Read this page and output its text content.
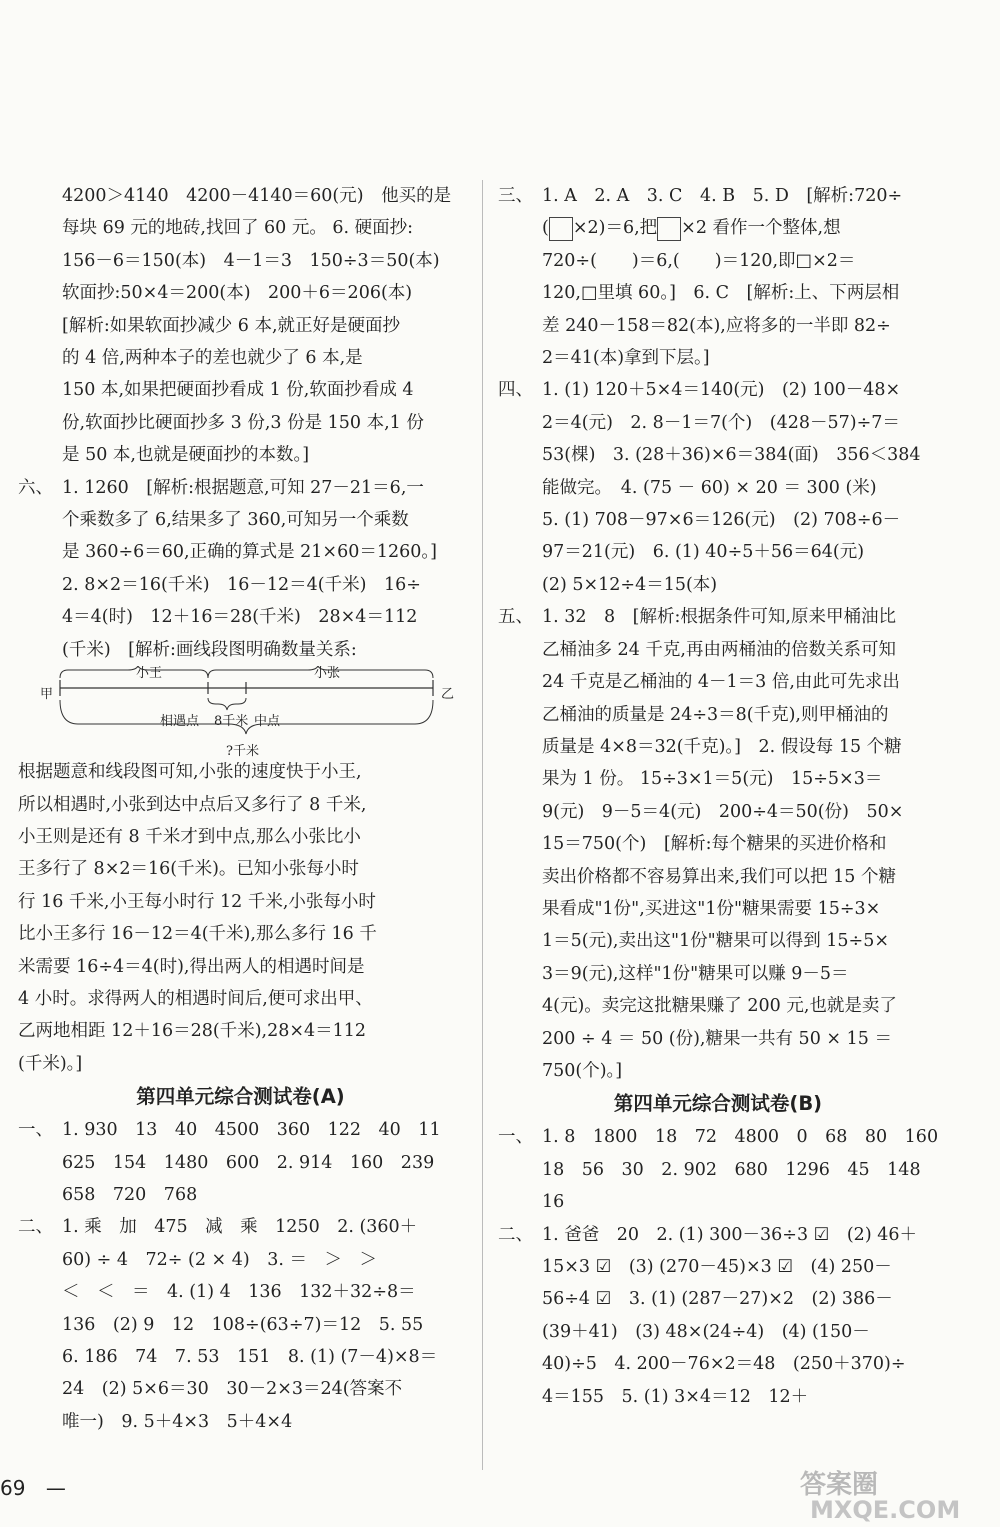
4200＞4140　4200－4140＝60(元)　他买的是
每块 69 元的地砖,找回了 60 元。 6. 硬面抄:
156－6＝150(本)　4－1＝3　150÷3＝50(本)
软面抄:50×4＝200(本)　200＋6＝206(本)
[解析:如果软面抄减少 6 本,就正好是硬面抄
的 4 倍,两种本子的差也就少了 6 本,是
150 本,如果把硬面抄看成 1 份,软面抄看成 4
份,软面抄比硬面抄多 3 份,3 份是 150 本,1 份
是 50 本,也就是硬面抄的本数。]
六、 1. 1260　[解析:根据题意,可知 27－21＝6,一
个乘数多了 6,结果多了 360,可知另一个乘数
是 360÷6＝60,正确的算式是 21×60＝1260。]
2. 8×2＝16(千米)　16－12＝4(千米)　16÷
4＝4(时)　12＋16＝28(千米)　28×4＝112
(千米)　[解析:画线段图明确数量关系:
小王	小张
甲	乙
相遇点 8千米 中点
?千米
根据题意和线段图可知,小张的速度快于小王,
所以相遇时,小张到达中点后又多行了 8 千米,
小王则是还有 8 千米才到中点,那么小张比小
王多行了 8×2＝16(千米)。已知小张每小时
行 16 千米,小王每小时行 12 千米,小张每小时
比小王多行 16－12＝4(千米),那么多行 16 千
米需要 16÷4＝4(时),得出两人的相遇时间是
4 小时。求得两人的相遇时间后,便可求出甲、
乙两地相距 12＋16＝28(千米),28×4＝112
(千米)。]
第四单元综合测试卷(A)
一、 1. 930　13　40　4500　360　122　40　11
625　154　1480　600　2. 914　160　239
658　720　768
二、 1. 乘　加　475　减　乘　1250　2. (360＋
60) ÷ 4　72÷ (2 × 4)　3. ＝　＞　＞
＜　＜　＝　4. (1) 4　136　132＋32÷8＝
136　(2) 9　12　108÷(63÷7)＝12　5. 55
6. 186　74　7. 53　151　8. (1) (7－4)×8＝
24　(2) 5×6＝30　30－2×3＝24(答案不
唯一)　9. 5＋4×3　5＋4×4
三、 1. A　2. A　3. C　4. B　5. D　[解析:720÷
( ×2)＝6,把 ×2 看作一个整体,想
720÷(　　)＝6,(　　)＝120,即□×2＝
120,□里填 60。]　6. C　[解析:上、下两层相
差 240－158＝82(本),应将多的一半即 82÷
2＝41(本)拿到下层。]
四、 1. (1) 120＋5×4＝140(元)　(2) 100－48×
2＝4(元)　2. 8－1＝7(个)　(428－57)÷7＝
53(棵)　3. (28＋36)×6＝384(面)　356＜384
能做完。　4. (75 － 60) × 20 ＝ 300 (米)
5. (1) 708－97×6＝126(元)　(2) 708÷6－
97＝21(元)　6. (1) 40÷5＋56＝64(元)
(2) 5×12÷4＝15(本)
五、 1. 32　8　[解析:根据条件可知,原来甲桶油比
乙桶油多 24 千克,再由两桶油的倍数关系可知
24 千克是乙桶油的 4－1＝3 倍,由此可先求出
乙桶油的质量是 24÷3＝8(千克),则甲桶油的
质量是 4×8＝32(千克)。]　2. 假设每 15 个糖
果为 1 份。 15÷3×1＝5(元)　15÷5×3＝
9(元)　9－5＝4(元)　200÷4＝50(份)　50×
15＝750(个)　[解析:每个糖果的买进价格和
卖出价格都不容易算出来,我们可以把 15 个糖
果看成"1份",买进这"1份"糖果需要 15÷3×
1＝5(元),卖出这"1份"糖果可以得到 15÷5×
3＝9(元),这样"1份"糖果可以赚 9－5＝
4(元)。卖完这批糖果赚了 200 元,也就是卖了
200 ÷ 4 ＝ 50 (份),糖果一共有 50 × 15 ＝
750(个)。]
第四单元综合测试卷(B)
一、 1. 8　1800　18　72　4800　0　68　80　160
18　56　30　2. 902　680　1296　45　148
16
二、 1. 爸爸　20　2. (1) 300－36÷3 ☑　(2) 46＋
15×3 ☑　(3) (270－45)×3 ☑　(4) 250－
56÷4 ☑　3. (1) (287－27)×2　(2) 386－
(39＋41)　(3) 48×(24÷4)　(4) (150－
40)÷5　4. 200－76×2＝48　(250＋370)÷
4＝155　5. (1) 3×4＝12　12＋
69 —	答案圈
MXQE.COM
